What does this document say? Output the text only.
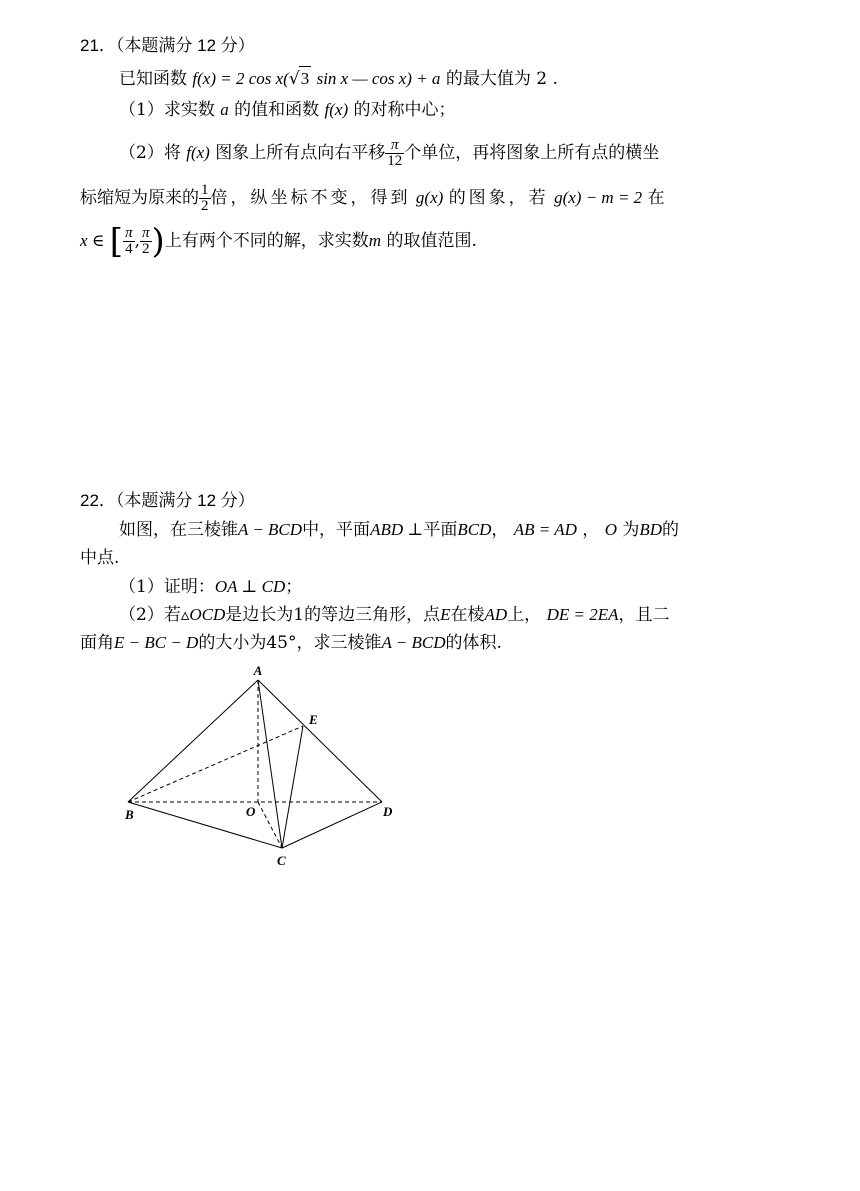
21．（本题满分 12 分）
已知函数 f(x) = 2 cos x(√3 sin x — cos x) + a 的最大值为 2 .
（1）求实数 a 的值和函数 f(x) 的对称中心；
（2）将 f(x) 图象上所有点向右平移 $\frac{\pi}{12}$ 个单位，再将图象上所有点的横坐
标缩短为原来的 $\frac{1}{2}$ 倍，纵坐标不变，得到 g(x) 的图象，若 g(x) − m = 2 在
x ∈ [ $\frac{\pi}{4}$ , $\frac{\pi}{2}$ )上有两个不同的解，求实数m 的取值范围.
22．（本题满分 12 分）
如图，在三棱锥A − BCD中，平面ABD ⊥平面BCD， AB = AD ， O 为BD的
中点.
（1）证明：OA ⊥ CD；
（2）若▵OCD是边长为1的等边三角形，点E在棱AD上， DE = 2EA，且二
面角E − BC − D的大小为45°，求三棱锥A − BCD的体积.
A
E
B	O	D
C
